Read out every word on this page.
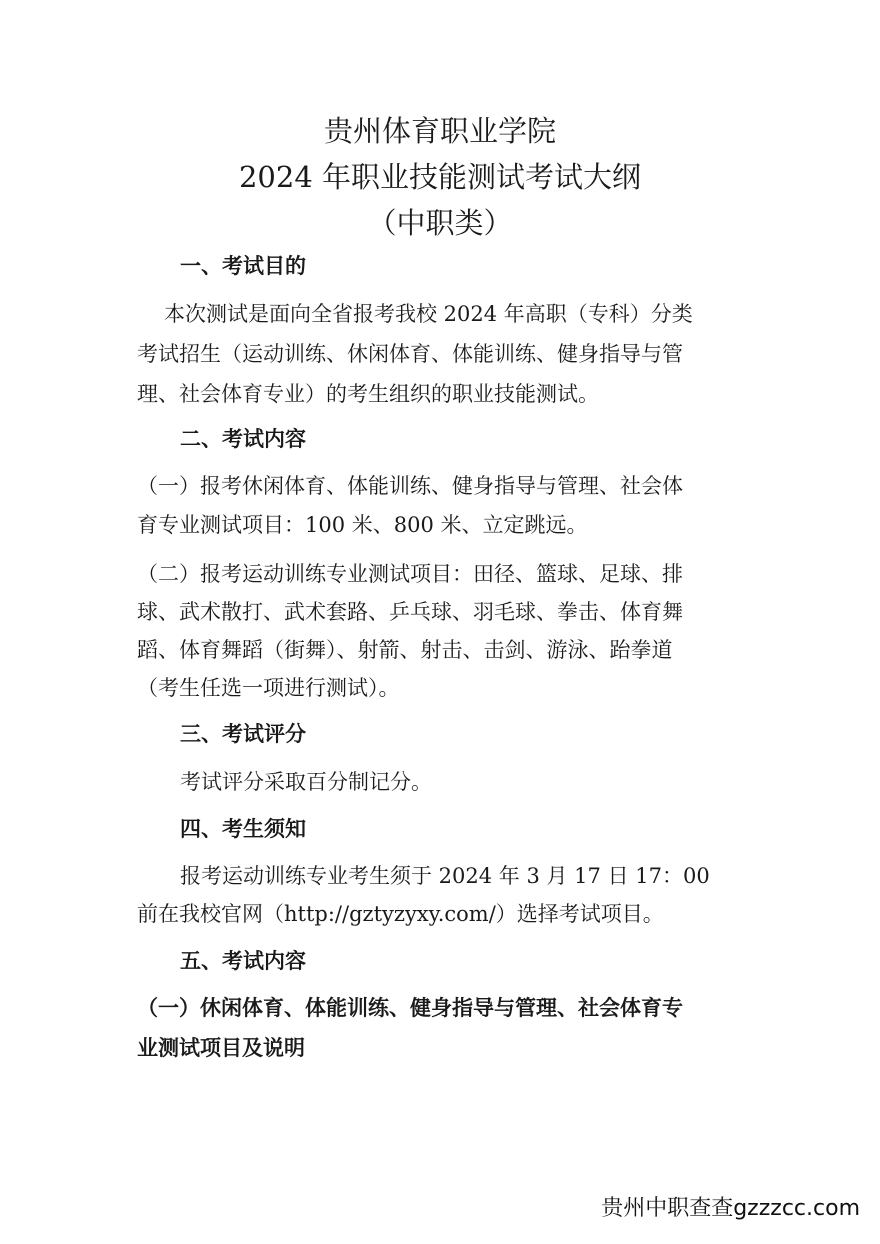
贵州体育职业学院
2024 年职业技能测试考试大纲
（中职类）
一、考试目的
本次测试是面向全省报考我校 2024 年高职（专科）分类
考试招生（运动训练、休闲体育、体能训练、健身指导与管
理、社会体育专业）的考生组织的职业技能测试。
二、考试内容
（一）报考休闲体育、体能训练、健身指导与管理、社会体
育专业测试项目：100 米、800 米、立定跳远。
（二）报考运动训练专业测试项目：田径、篮球、足球、排
球、武术散打、武术套路、乒乓球、羽毛球、拳击、体育舞
蹈、体育舞蹈（街舞）、射箭、射击、击剑、游泳、跆拳道
（考生任选一项进行测试）。
三、考试评分
考试评分采取百分制记分。
四、考生须知
报考运动训练专业考生须于 2024 年 3 月 17 日 17：00
前在我校官网（http://gztyzyxy.com/）选择考试项目。
五、考试内容
（一）休闲体育、体能训练、健身指导与管理、社会体育专
业测试项目及说明
贵州中职查查gzzzcc.com
